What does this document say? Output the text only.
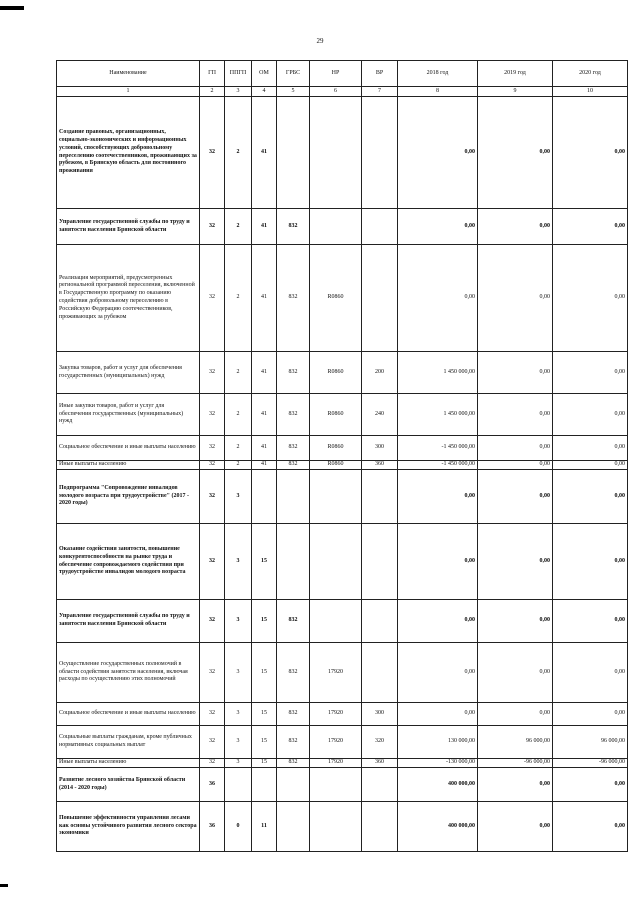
29
Наименование	ГП	ППГП	ОМ	ГРБС	НР	ВР	2018 год	2019 год	2020 год
1	2	3	4	5	6	7	8	9	10
Создание правовых, организационных, социально-экономических и информационных условий, способствующих добровольному переселению соотечественников, проживающих за рубежом, в Брянскую область для постоянного проживания	32	2	41				0,00	0,00	0,00
Управление государственной службы по труду и занятости населения Брянской области	32	2	41	832			0,00	0,00	0,00
Реализация мероприятий, предусмотренных региональной программой переселения, включенной в Государственную программу по оказанию содействия добровольному переселению в Российскую Федерацию соотечественников, проживающих за рубежом	32	2	41	832	R0860		0,00	0,00	0,00
Закупка товаров, работ и услуг для обеспечения государственных (муниципальных) нужд	32	2	41	832	R0860	200	1 450 000,00	0,00	0,00
Иные закупки товаров, работ и услуг для обеспечения государственных (муниципальных) нужд	32	2	41	832	R0860	240	1 450 000,00	0,00	0,00
Социальное обеспечение и иные выплаты населению	32	2	41	832	R0860	300	-1 450 000,00	0,00	0,00
Иные выплаты населению	32	2	41	832	R0860	360	-1 450 000,00	0,00	0,00
Подпрограмма "Сопровождение инвалидов молодого возраста при трудоустройстве" (2017 - 2020 годы)	32	3					0,00	0,00	0,00
Оказание содействия занятости, повышение конкурентоспособности на рынке труда и обеспечение сопровождаемого содействия при трудоустройстве инвалидов молодого возраста	32	3	15				0,00	0,00	0,00
Управление государственной службы по труду и занятости населения Брянской области	32	3	15	832			0,00	0,00	0,00
Осуществление государственных полномочий в области содействия занятости населения, включая расходы по осуществлению этих полномочий	32	3	15	832	17920		0,00	0,00	0,00
Социальное обеспечение и иные выплаты населению	32	3	15	832	17920	300	0,00	0,00	0,00
Социальные выплаты гражданам, кроме публичных нормативных социальных выплат	32	3	15	832	17920	320	130 000,00	96 000,00	96 000,00
Иные выплаты населению	32	3	15	832	17920	360	-130 000,00	-96 000,00	-96 000,00
Развитие лесного хозяйства Брянской области (2014 - 2020 годы)	36						400 000,00	0,00	0,00
Повышение эффективности управления лесами как основы устойчивого развития лесного сектора экономики	36	0	11				400 000,00	0,00	0,00
